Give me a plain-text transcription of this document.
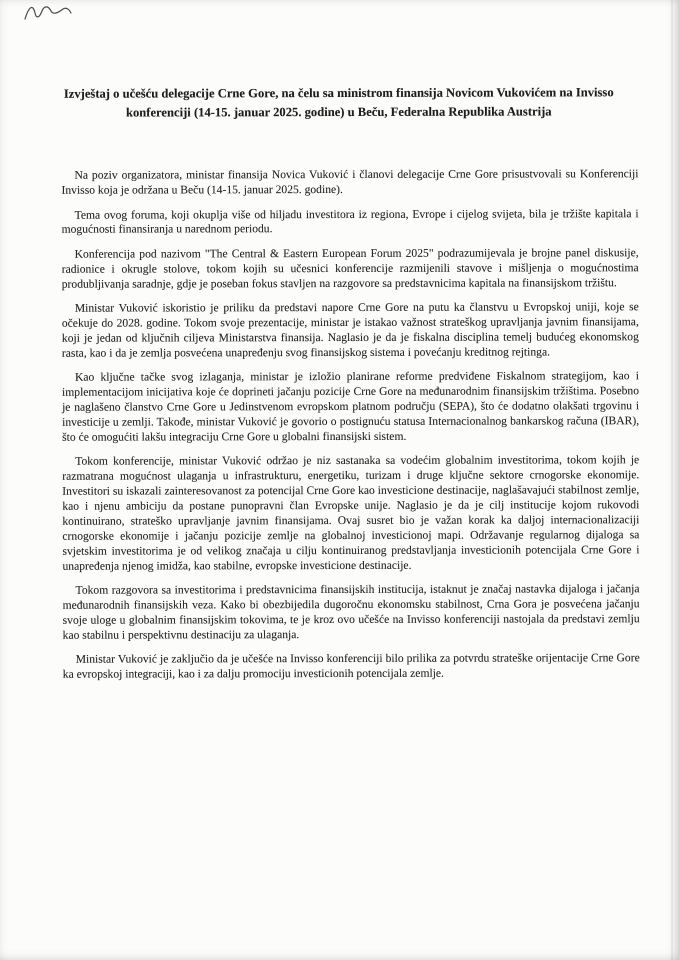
Izvještaj o učešću delegacije Crne Gore, na čelu sa ministrom finansija Novicom Vukovićem na Invisso konferenciji (14-15. januar 2025. godine) u Beču, Federalna Republika Austrija

Na poziv organizatora, ministar finansija Novica Vuković i članovi delegacije Crne Gore prisustvovali su Konferenciji Invisso koja je održana u Beču (14-15. januar 2025. godine).

Tema ovog foruma, koji okuplja više od hiljadu investitora iz regiona, Evrope i cijelog svijeta, bila je tržište kapitala i mogućnosti finansiranja u narednom periodu.

Konferencija pod nazivom "The Central & Eastern European Forum 2025" podrazumijevala je brojne panel diskusije, radionice i okrugle stolove, tokom kojih su učesnici konferencije razmijenili stavove i mišljenja o mogućnostima produbljivanja saradnje, gdje je poseban fokus stavljen na razgovore sa predstavnicima kapitala na finansijskom tržištu.

Ministar Vuković iskoristio je priliku da predstavi napore Crne Gore na putu ka članstvu u Evropskoj uniji, koje se očekuje do 2028. godine. Tokom svoje prezentacije, ministar je istakao važnost strateškog upravljanja javnim finansijama, koji je jedan od ključnih ciljeva Ministarstva finansija. Naglasio je da je fiskalna disciplina temelj budućeg ekonomskog rasta, kao i da je zemlja posvećena unapređenju svog finansijskog sistema i povećanju kreditnog rejtinga.

Kao ključne tačke svog izlaganja, ministar je izložio planirane reforme predviđene Fiskalnom strategijom, kao i implementacijom inicijativa koje će doprineti jačanju pozicije Crne Gore na međunarodnim finansijskim tržištima. Posebno je naglašeno članstvo Crne Gore u Jedinstvenom evropskom platnom području (SEPA), što će dodatno olakšati trgovinu i investicije u zemlji. Takođe, ministar Vuković je govorio o postignuću statusa Internacionalnog bankarskog računa (IBAR), što će omogućiti lakšu integraciju Crne Gore u globalni finansijski sistem.

Tokom konferencije, ministar Vuković održao je niz sastanaka sa vodećim globalnim investitorima, tokom kojih je razmatrana mogućnost ulaganja u infrastrukturu, energetiku, turizam i druge ključne sektore crnogorske ekonomije. Investitori su iskazali zainteresovanost za potencijal Crne Gore kao investicione destinacije, naglašavajući stabilnost zemlje, kao i njenu ambiciju da postane punopravni član Evropske unije. Naglasio je da je cilj institucije kojom rukovodi kontinuirano, strateško upravljanje javnim finansijama. Ovaj susret bio je važan korak ka daljoj internacionalizaciji crnogorske ekonomije i jačanju pozicije zemlje na globalnoj investicionoj mapi. Održavanje regularnog dijaloga sa svjetskim investitorima je od velikog značaja u cilju kontinuiranog predstavljanja investicionih potencijala Crne Gore i unapređenja njenog imidža, kao stabilne, evropske investicione destinacije.

Tokom razgovora sa investitorima i predstavnicima finansijskih institucija, istaknut je značaj nastavka dijaloga i jačanja međunarodnih finansijskih veza. Kako bi obezbijedila dugoročnu ekonomsku stabilnost, Crna Gora je posvećena jačanju svoje uloge u globalnim finansijskim tokovima, te je kroz ovo učešće na Invisso konferenciji nastojala da predstavi zemlju kao stabilnu i perspektivnu destinaciju za ulaganja.

Ministar Vuković je zaključio da je učešće na Invisso konferenciji bilo prilika za potvrdu strateške orijentacije Crne Gore ka evropskoj integraciji, kao i za dalju promociju investicionih potencijala zemlje.
